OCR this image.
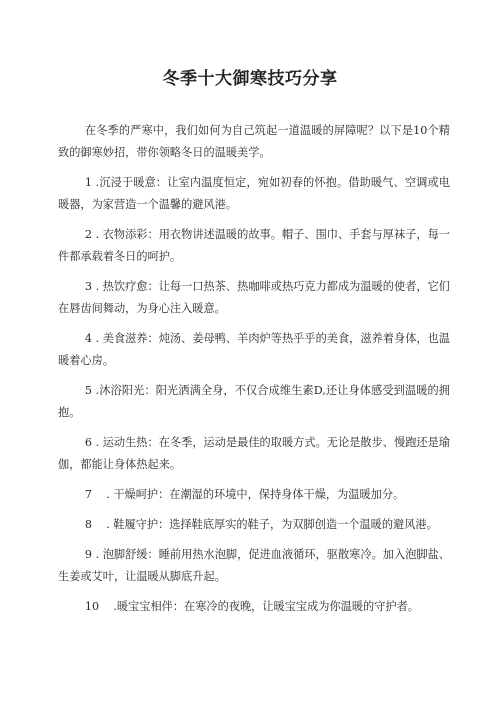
冬季十大御寒技巧分享

在冬季的严寒中，我们如何为自己筑起一道温暖的屏障呢？以下是10个精致的御寒妙招，带你领略冬日的温暖美学。

1 .沉浸于暖意：让室内温度恒定，宛如初春的怀抱。借助暖气、空调或电暖器，为家营造一个温馨的避风港。

2 . 衣物添彩：用衣物讲述温暖的故事。帽子、围巾、手套与厚袜子，每一件都承载着冬日的呵护。

3 . 热饮疗愈：让每一口热茶、热咖啡或热巧克力都成为温暖的使者，它们在唇齿间舞动，为身心注入暖意。

4 . 美食滋养：炖汤、姜母鸭、羊肉炉等热乎乎的美食，滋养着身体，也温暖着心房。

5 .沐浴阳光：阳光洒满全身，不仅合成维生素D,还让身体感受到温暖的拥抱。

6 . 运动生热：在冬季，运动是最佳的取暖方式。无论是散步、慢跑还是瑜伽，都能让身体热起来。

7    . 干燥呵护：在潮湿的环境中，保持身体干燥，为温暖加分。

8    . 鞋履守护：选择鞋底厚实的鞋子，为双脚创造一个温暖的避风港。

9 . 泡脚舒缓：睡前用热水泡脚，促进血液循环，驱散寒冷。加入泡脚盐、生姜或艾叶，让温暖从脚底升起。

10    .暖宝宝相伴：在寒冷的夜晚，让暖宝宝成为你温暖的守护者。
